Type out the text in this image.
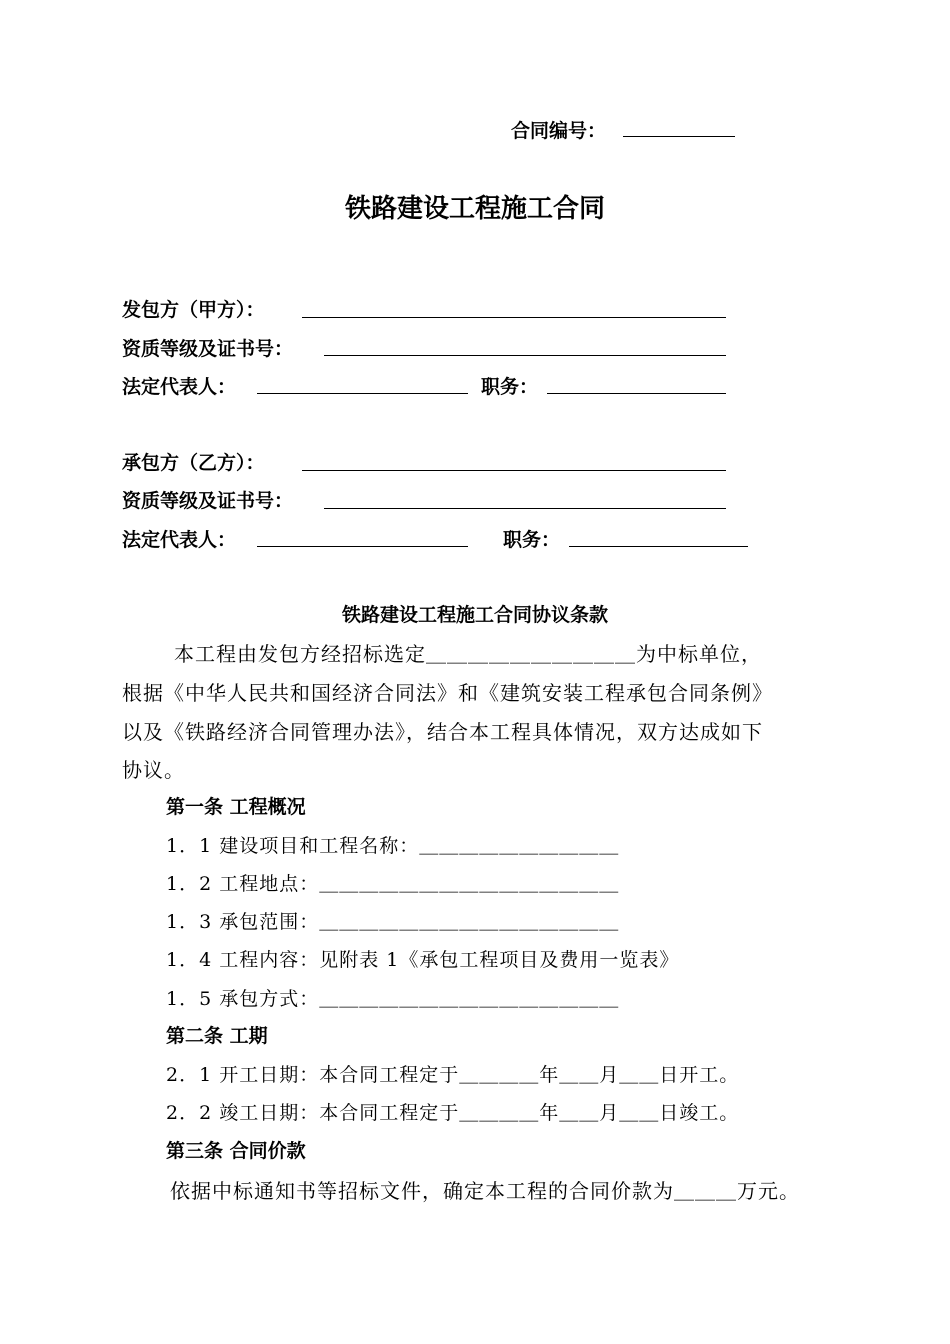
合同编号：
铁路建设工程施工合同
发包方（甲方）：
资质等级及证书号：
法定代表人：	职务：
承包方（乙方）：
资质等级及证书号：
法定代表人：	职务：
铁路建设工程施工合同协议条款
本工程由发包方经招标选定＿＿＿＿＿＿＿＿＿＿为中标单位，
根据《中华人民共和国经济合同法》和《建筑安装工程承包合同条例》
以及《铁路经济合同管理办法》，结合本工程具体情况，双方达成如下
协议。
第一条 工程概况
1．1 建设项目和工程名称：＿＿＿＿＿＿＿＿＿＿
1．2 工程地点：＿＿＿＿＿＿＿＿＿＿＿＿＿＿＿
1．3 承包范围：＿＿＿＿＿＿＿＿＿＿＿＿＿＿＿
1．4 工程内容：见附表 1《承包工程项目及费用一览表》
1．5 承包方式：＿＿＿＿＿＿＿＿＿＿＿＿＿＿＿
第二条 工期
2．1 开工日期：本合同工程定于＿＿＿＿年＿＿月＿＿日开工。
2．2 竣工日期：本合同工程定于＿＿＿＿年＿＿月＿＿日竣工。
第三条 合同价款
依据中标通知书等招标文件，确定本工程的合同价款为＿＿＿万元。
